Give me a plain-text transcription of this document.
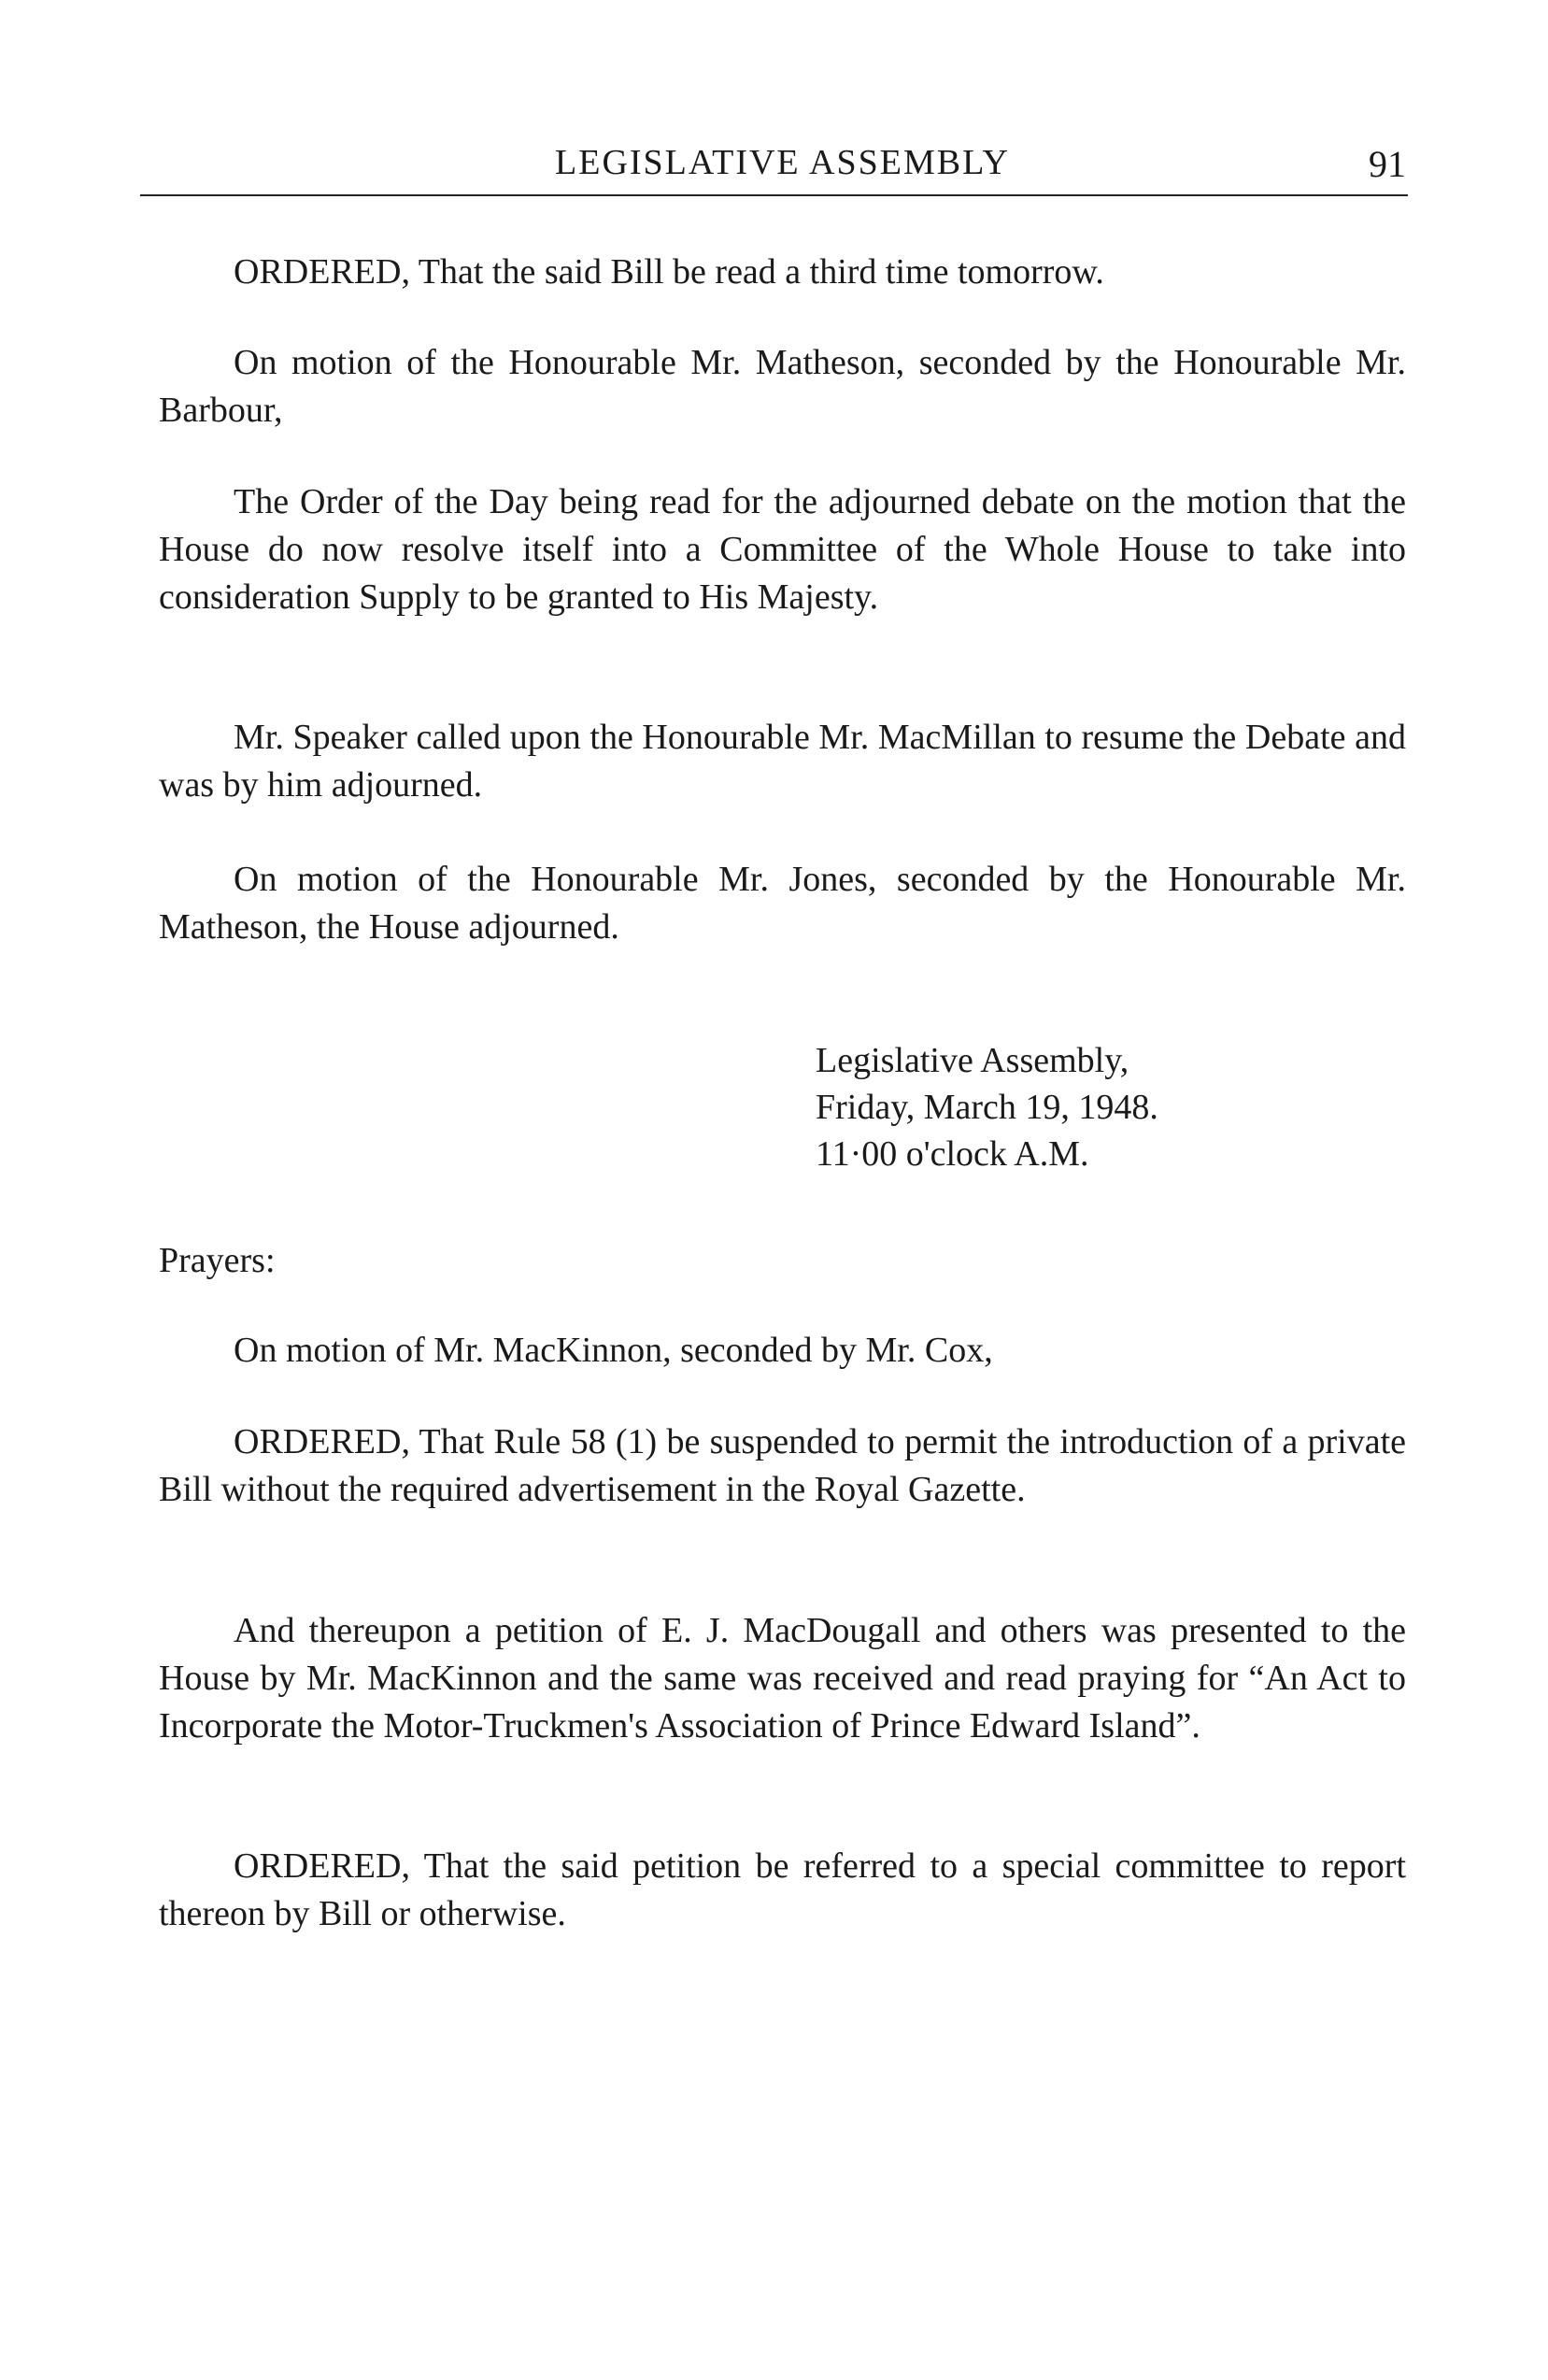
LEGISLATIVE ASSEMBLY	91

ORDERED, That the said Bill be read a third time tomorrow.

On motion of the Honourable Mr. Matheson, seconded by the Honourable Mr. Barbour,

The Order of the Day being read for the adjourned debate on the motion that the House do now resolve itself into a Committee of the Whole House to take into consideration Supply to be granted to His Majesty.

Mr. Speaker called upon the Honourable Mr. MacMillan to resume the Debate and was by him adjourned.

On motion of the Honourable Mr. Jones, seconded by the Honourable Mr. Matheson, the House adjourned.

Legislative Assembly,
Friday, March 19, 1948.
11·00 o'clock A.M.

Prayers:

On motion of Mr. MacKinnon, seconded by Mr. Cox,

ORDERED, That Rule 58 (1) be suspended to permit the introduction of a private Bill without the required advertisement in the Royal Gazette.

And thereupon a petition of E. J. MacDougall and others was presented to the House by Mr. MacKinnon and the same was received and read praying for “An Act to Incorporate the Motor-Truckmen's Association of Prince Edward Island”.

ORDERED, That the said petition be referred to a special committee to report thereon by Bill or otherwise.
